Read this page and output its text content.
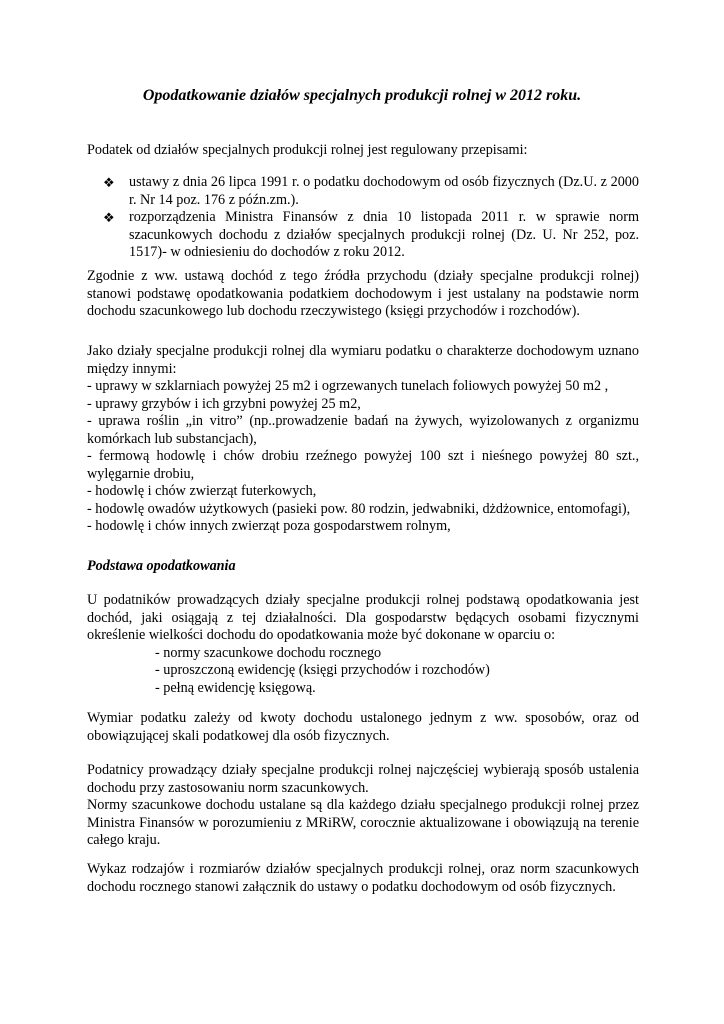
Opodatkowanie działów specjalnych produkcji rolnej w 2012 roku.
Podatek od działów specjalnych produkcji rolnej jest regulowany przepisami:
❖ ustawy z dnia 26 lipca 1991 r. o podatku dochodowym od osób fizycznych (Dz.U. z 2000 r. Nr 14 poz. 176 z późn.zm.).
❖ rozporządzenia Ministra Finansów z dnia 10 listopada 2011 r. w sprawie norm szacunkowych dochodu z działów specjalnych produkcji rolnej (Dz. U. Nr 252, poz. 1517)- w odniesieniu do dochodów z roku 2012.
Zgodnie z ww. ustawą dochód z tego źródła przychodu (działy specjalne produkcji rolnej) stanowi podstawę opodatkowania podatkiem dochodowym i jest ustalany na podstawie norm dochodu szacunkowego lub dochodu rzeczywistego (księgi przychodów i rozchodów).
Jako działy specjalne produkcji rolnej dla wymiaru podatku o charakterze dochodowym uznano między innymi:
- uprawy w szklarniach powyżej 25 m2 i ogrzewanych tunelach foliowych powyżej 50 m2 ,
- uprawy grzybów i ich grzybni powyżej 25 m2,
- uprawa roślin „in vitro” (np..prowadzenie badań na żywych, wyizolowanych z organizmu komórkach lub substancjach),
- fermową hodowlę i chów drobiu rzeźnego powyżej 100 szt i nieśnego powyżej 80 szt., wylęgarnie drobiu,
- hodowlę i chów zwierząt futerkowych,
- hodowlę owadów użytkowych (pasieki pow. 80 rodzin, jedwabniki, dżdżownice, entomofagi),
- hodowlę i chów innych zwierząt poza gospodarstwem rolnym,
Podstawa opodatkowania
U podatników prowadzących działy specjalne produkcji rolnej podstawą opodatkowania jest dochód, jaki osiągają z tej działalności. Dla gospodarstw będących osobami fizycznymi określenie wielkości dochodu do opodatkowania może być dokonane w oparciu o:
- normy szacunkowe dochodu rocznego
- uproszczoną ewidencję (księgi przychodów i rozchodów)
- pełną ewidencję księgową.
Wymiar podatku zależy od kwoty dochodu ustalonego jednym z ww. sposobów, oraz od obowiązującej skali podatkowej dla osób fizycznych.
Podatnicy prowadzący działy specjalne produkcji rolnej najczęściej wybierają sposób ustalenia dochodu przy zastosowaniu norm szacunkowych.
Normy szacunkowe dochodu ustalane są dla każdego działu specjalnego produkcji rolnej przez Ministra Finansów w porozumieniu z MRiRW, corocznie aktualizowane i obowiązują na terenie całego kraju.
Wykaz rodzajów i rozmiarów działów specjalnych produkcji rolnej, oraz norm szacunkowych dochodu rocznego stanowi załącznik do ustawy o podatku dochodowym od osób fizycznych.
